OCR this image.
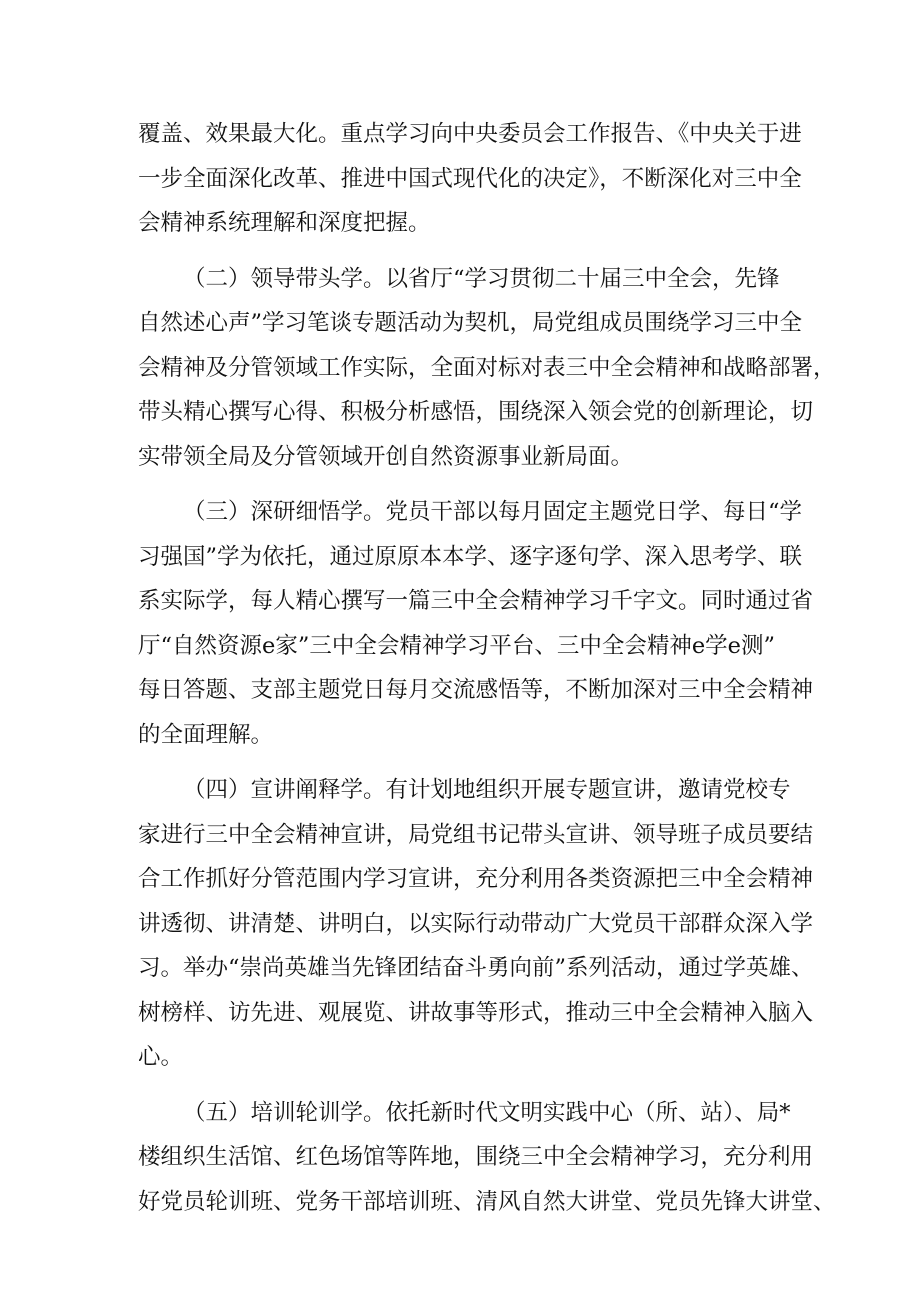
覆盖、效果最大化。重点学习向中央委员会工作报告、《中央关于进
一步全面深化改革、推进中国式现代化的决定》，不断深化对三中全
会精神系统理解和深度把握。
（二）领导带头学。以省厅“学习贯彻二十届三中全会，先锋
自然述心声”学习笔谈专题活动为契机，局党组成员围绕学习三中全
会精神及分管领域工作实际，全面对标对表三中全会精神和战略部署，
带头精心撰写心得、积极分析感悟，围绕深入领会党的创新理论，切
实带领全局及分管领域开创自然资源事业新局面。
（三）深研细悟学。党员干部以每月固定主题党日学、每日“学
习强国”学为依托，通过原原本本学、逐字逐句学、深入思考学、联
系实际学，每人精心撰写一篇三中全会精神学习千字文。同时通过省
厅“自然资源e家”三中全会精神学习平台、三中全会精神e学e测”
每日答题、支部主题党日每月交流感悟等，不断加深对三中全会精神
的全面理解。
（四）宣讲阐释学。有计划地组织开展专题宣讲，邀请党校专
家进行三中全会精神宣讲，局党组书记带头宣讲、领导班子成员要结
合工作抓好分管范围内学习宣讲，充分利用各类资源把三中全会精神
讲透彻、讲清楚、讲明白，以实际行动带动广大党员干部群众深入学
习。举办“崇尚英雄当先锋团结奋斗勇向前”系列活动，通过学英雄、
树榜样、访先进、观展览、讲故事等形式，推动三中全会精神入脑入
心。
（五）培训轮训学。依托新时代文明实践中心（所、站）、局*
楼组织生活馆、红色场馆等阵地，围绕三中全会精神学习，充分利用
好党员轮训班、党务干部培训班、清风自然大讲堂、党员先锋大讲堂、
